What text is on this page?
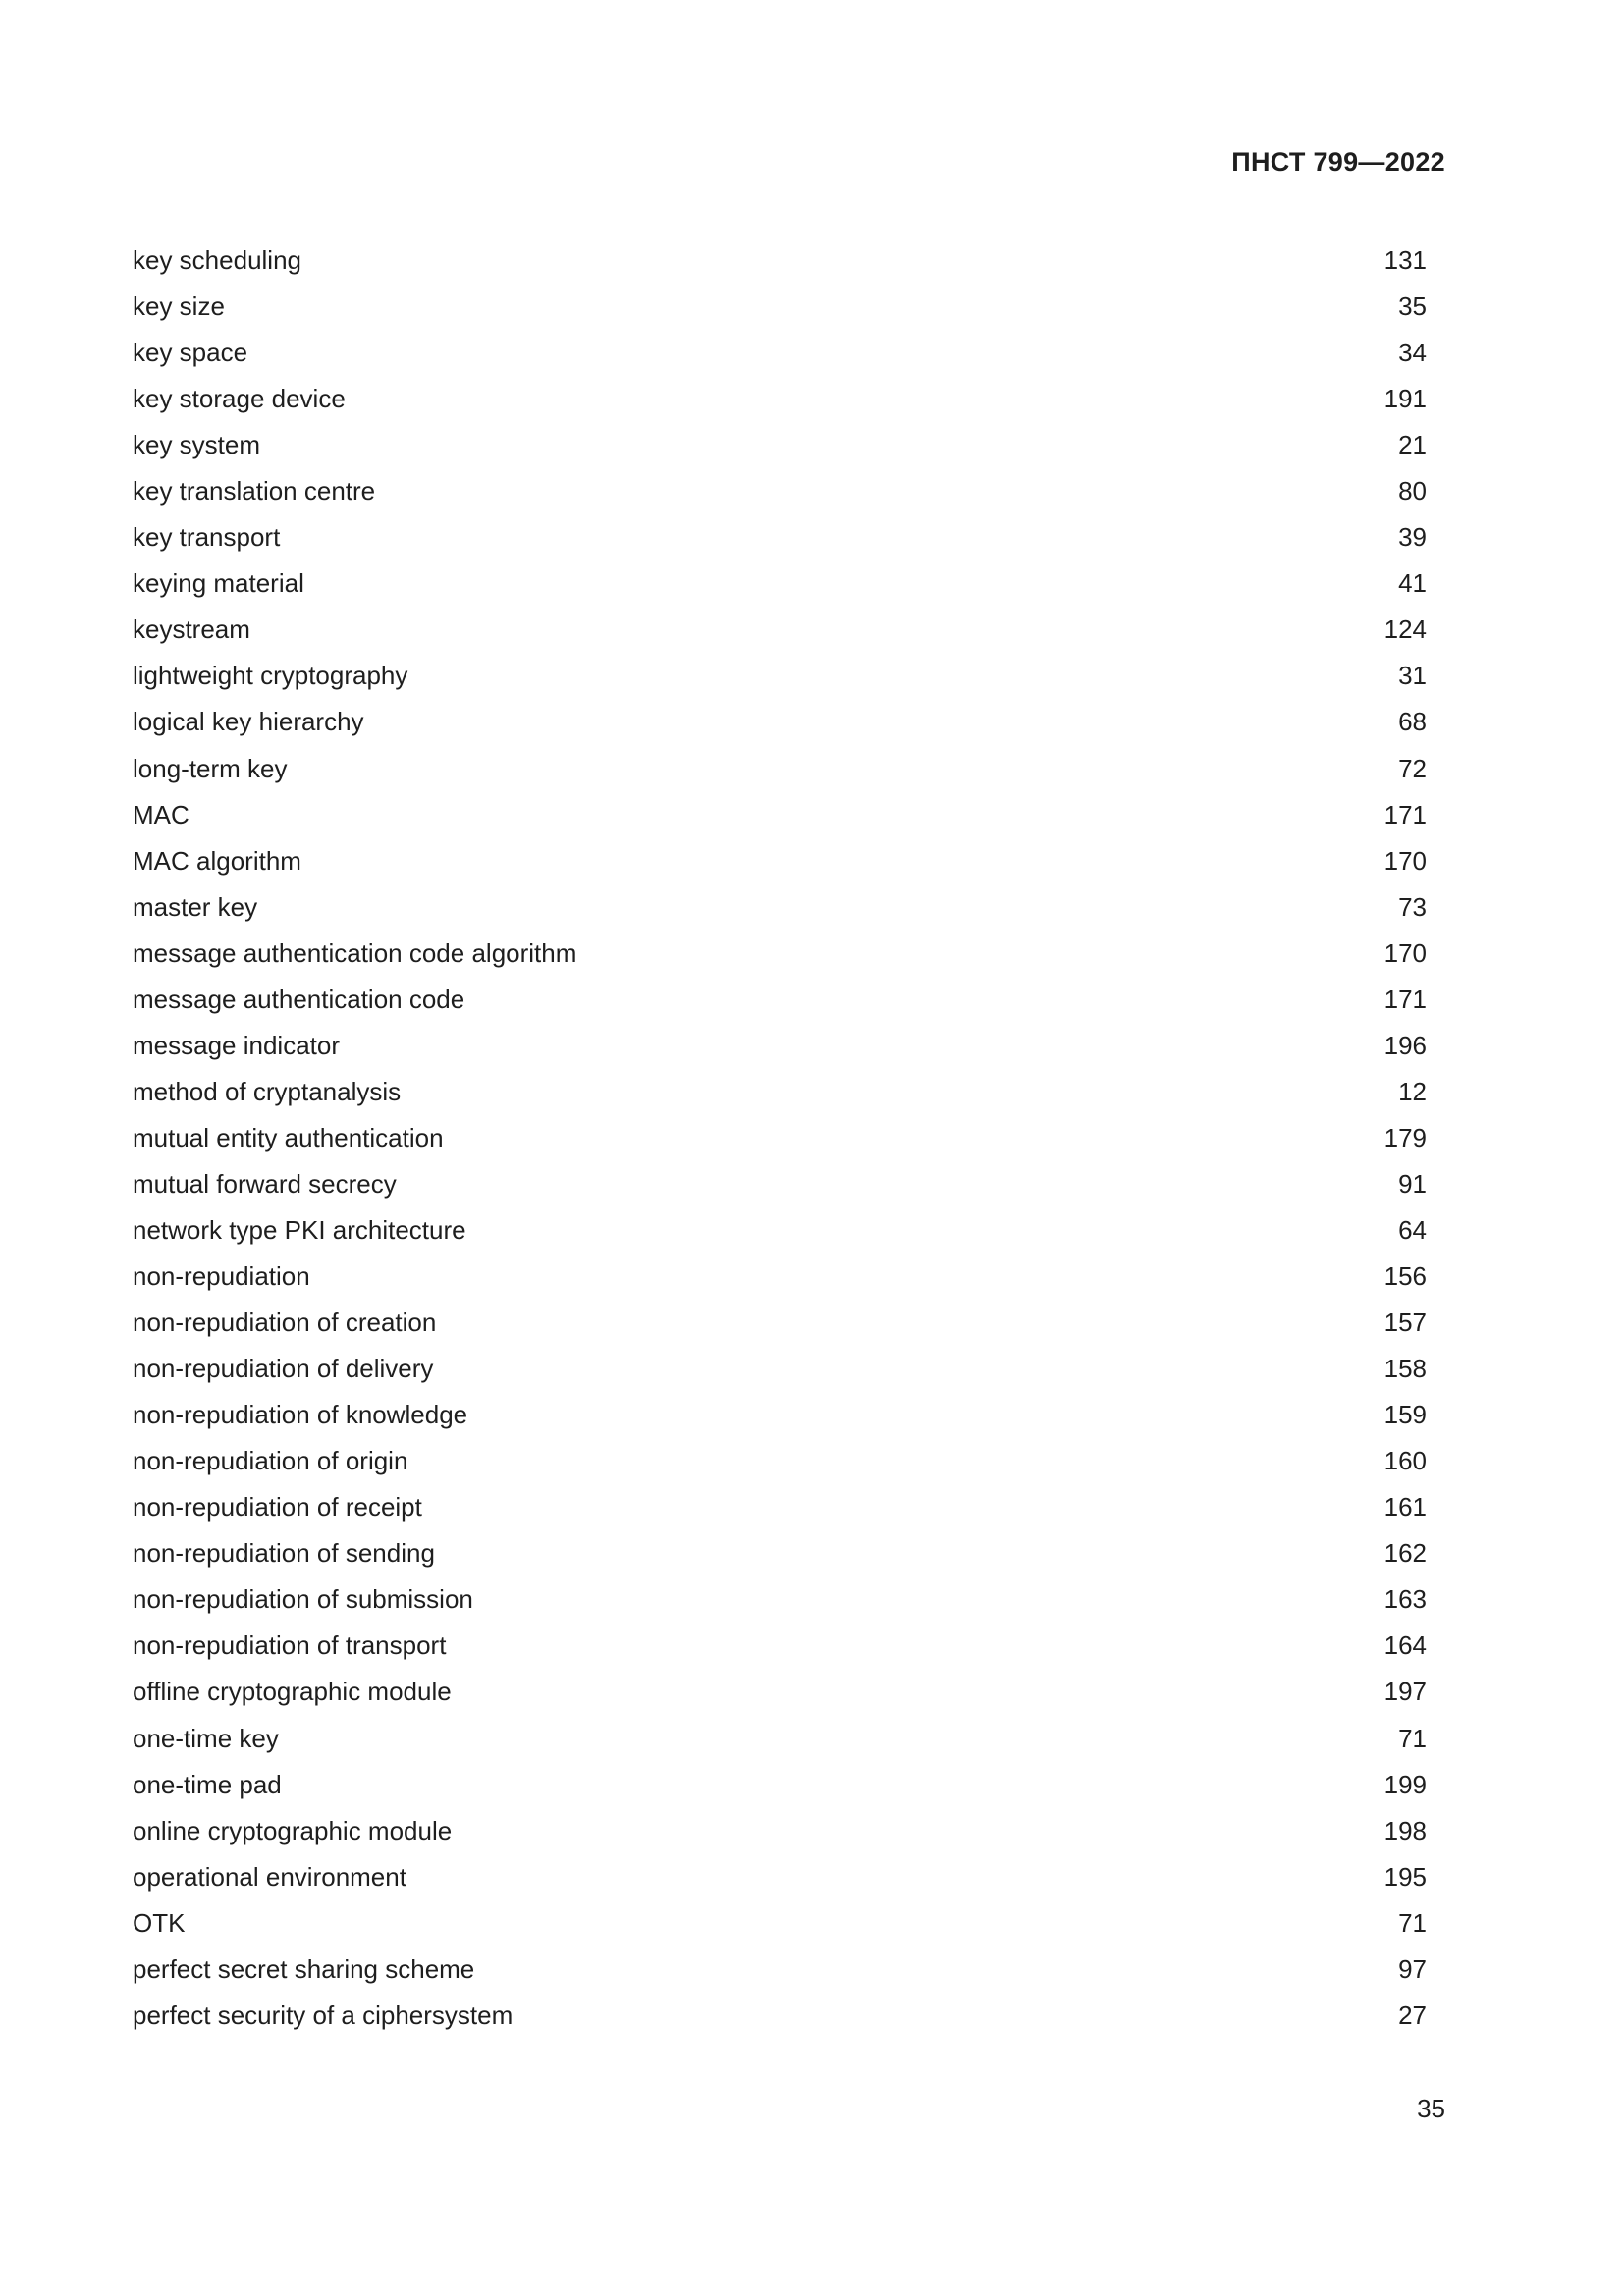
ПНСТ 799—2022
key scheduling	131
key size	35
key space	34
key storage device	191
key system	21
key translation centre	80
key transport	39
keying material	41
keystream	124
lightweight cryptography	31
logical key hierarchy	68
long-term key	72
MAC	171
MAC algorithm	170
master key	73
message authentication code algorithm	170
message authentication code	171
message indicator	196
method of cryptanalysis	12
mutual entity authentication	179
mutual forward secrecy	91
network type PKI architecture	64
non-repudiation	156
non-repudiation of creation	157
non-repudiation of delivery	158
non-repudiation of knowledge	159
non-repudiation of origin	160
non-repudiation of receipt	161
non-repudiation of sending	162
non-repudiation of submission	163
non-repudiation of transport	164
offline cryptographic module	197
one-time key	71
one-time pad	199
online cryptographic module	198
operational environment	195
OTK	71
perfect secret sharing scheme	97
perfect security of a ciphersystem	27
35
